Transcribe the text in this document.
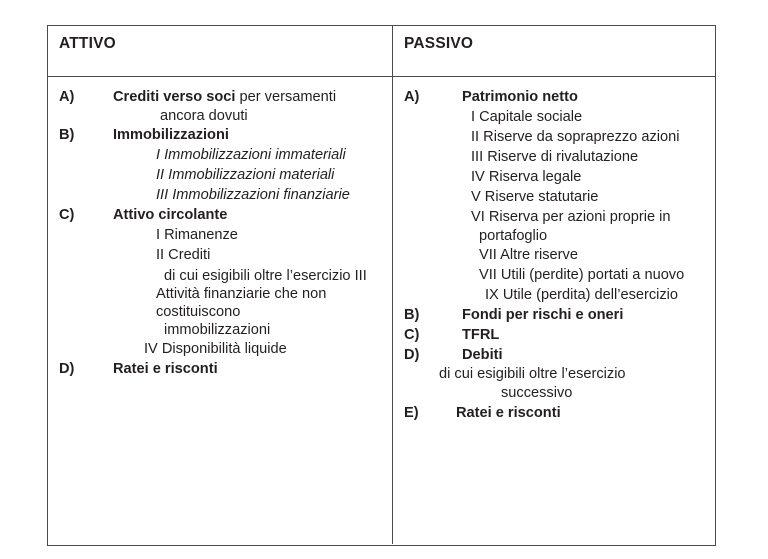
ATTIVO	PASSIVO
A)	Crediti verso soci per versamenti
ancora dovuti
B)	Immobilizzazioni
I Immobilizzazioni immateriali
II Immobilizzazioni materiali
III Immobilizzazioni finanziarie
C)	Attivo circolante
I Rimanenze
II Crediti
di cui esigibili oltre l’esercizio III
Attività finanziarie che non
costituiscono
immobilizzazioni
IV Disponibilità liquide
D)	Ratei e risconti
A)	Patrimonio netto
I Capitale sociale
II Riserve da sopraprezzo azioni
III Riserve di rivalutazione
IV Riserva legale
V Riserve statutarie
VI Riserva per azioni proprie in
portafoglio
VII Altre riserve
VII Utili (perdite) portati a nuovo
IX Utile (perdita) dell’esercizio
B)	Fondi per rischi e oneri
C)	TFRL
D)	Debiti
di cui esigibili oltre l’esercizio
successivo
E)	Ratei e risconti
